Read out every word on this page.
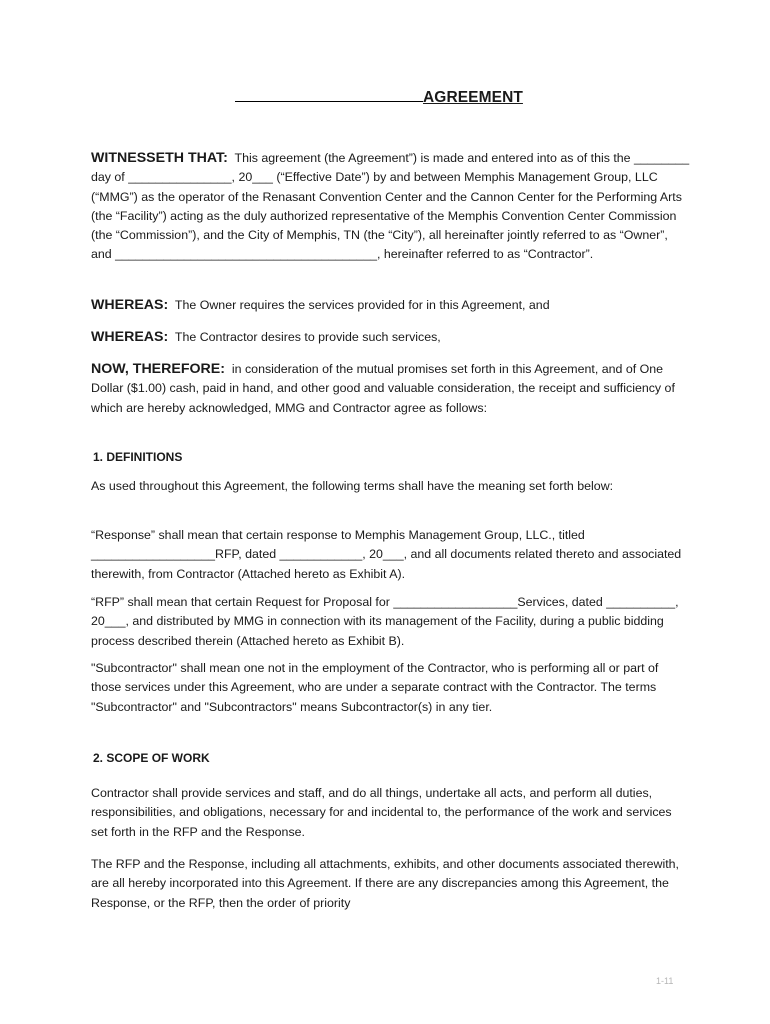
AGREEMENT

WITNESSETH THAT: This agreement (the Agreement”) is made and entered into as of this the ________ day of _______________, 20___ (“Effective Date”) by and between Memphis Management Group, LLC (“MMG”) as the operator of the Renasant Convention Center and the Cannon Center for the Performing Arts (the “Facility”) acting as the duly authorized representative of the Memphis Convention Center Commission (the “Commission”), and the City of Memphis, TN (the “City”), all hereinafter jointly referred to as “Owner”, and ______________________________________, hereinafter referred to as “Contractor”.

WHEREAS: The Owner requires the services provided for in this Agreement, and

WHEREAS: The Contractor desires to provide such services,

NOW, THEREFORE: in consideration of the mutual promises set forth in this Agreement, and of One Dollar ($1.00) cash, paid in hand, and other good and valuable consideration, the receipt and sufficiency of which are hereby acknowledged, MMG and Contractor agree as follows:

1. DEFINITIONS

As used throughout this Agreement, the following terms shall have the meaning set forth below:

“Response” shall mean that certain response to Memphis Management Group, LLC., titled __________________RFP, dated ____________, 20___, and all documents related thereto and associated therewith, from Contractor (Attached hereto as Exhibit A).

“RFP” shall mean that certain Request for Proposal for __________________Services, dated __________, 20___, and distributed by MMG in connection with its management of the Facility, during a public bidding process described therein (Attached hereto as Exhibit B).

"Subcontractor" shall mean one not in the employment of the Contractor, who is performing all or part of those services under this Agreement, who are under a separate contract with the Contractor. The terms "Subcontractor" and "Subcontractors" means Subcontractor(s) in any tier.

2. SCOPE OF WORK

Contractor shall provide services and staff, and do all things, undertake all acts, and perform all duties, responsibilities, and obligations, necessary for and incidental to, the performance of the work and services set forth in the RFP and the Response.

The RFP and the Response, including all attachments, exhibits, and other documents associated therewith, are all hereby incorporated into this Agreement. If there are any discrepancies among this Agreement, the Response, or the RFP, then the order of priority

1-11
